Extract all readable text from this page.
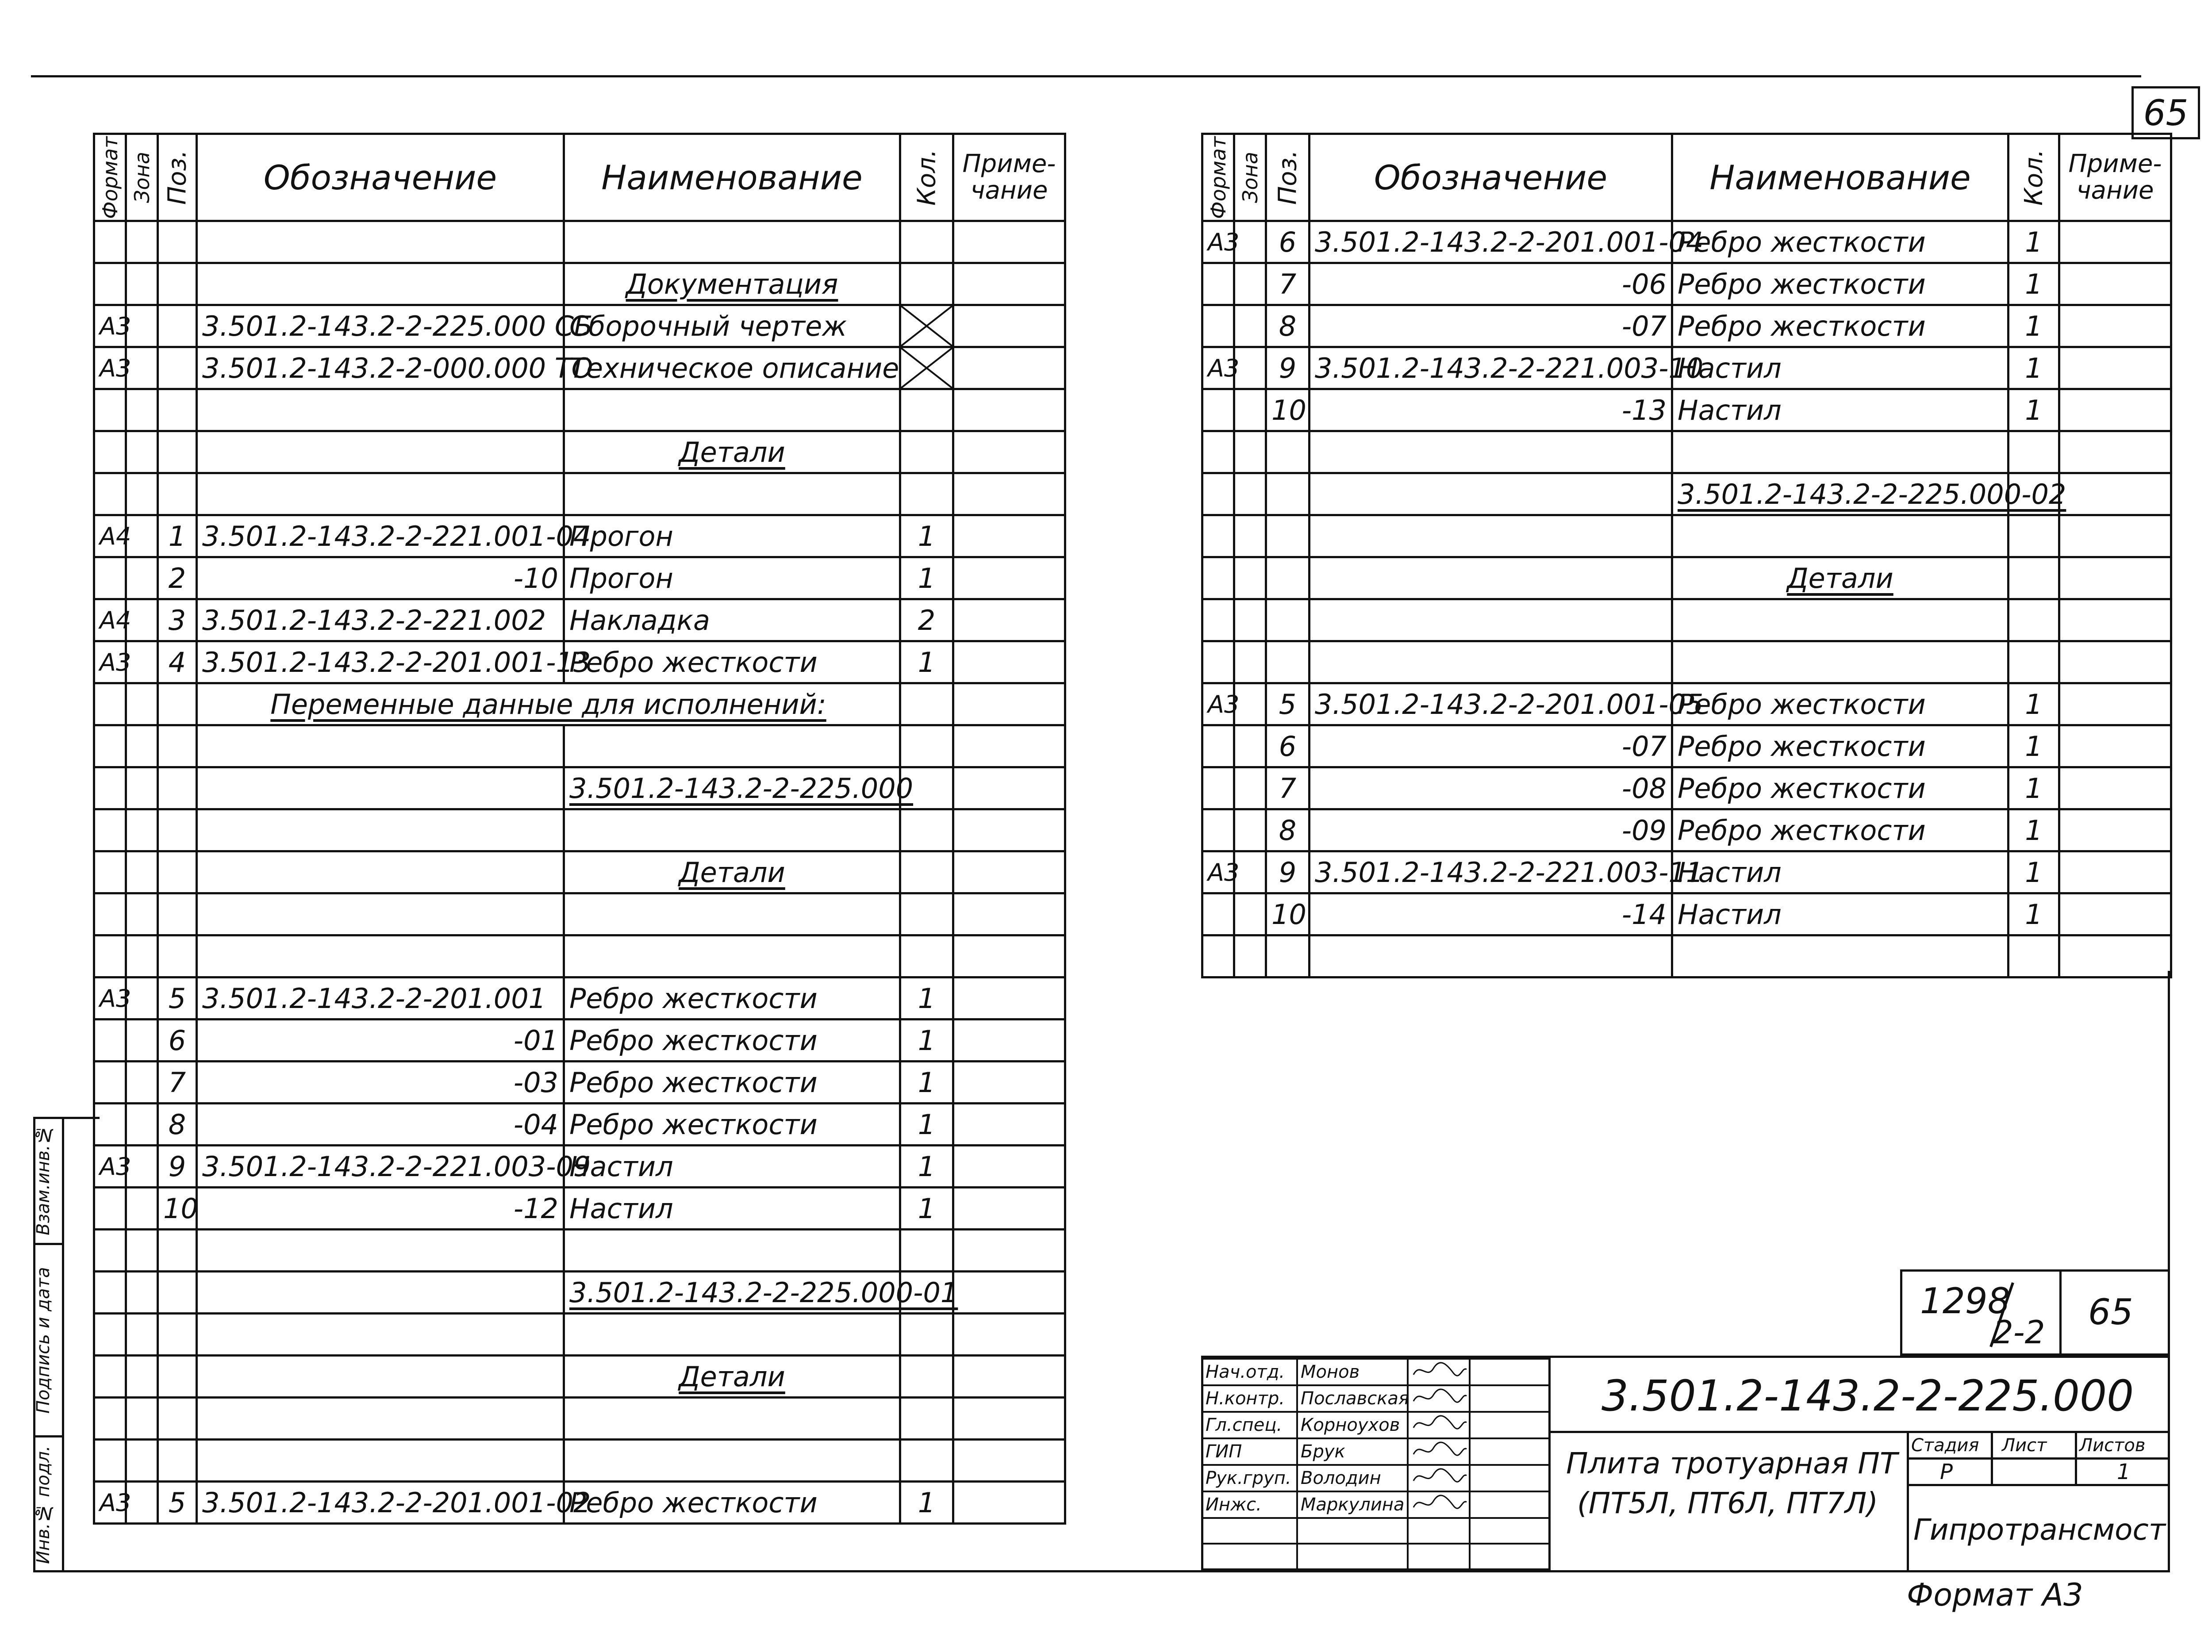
65
Взам.инв.№
Подпись и дата
Инв.№ подл.
Формат	Зона	Поз.	Обозначение	Наименование	Кол.	Приме-
чание

				Документация		
А3			3.501.2-143.2-2-225.000 СБ	Сборочный чертеж	

А3			3.501.2-143.2-2-000.000 ТО	Техническое описание	

				Детали		

А4		1	3.501.2-143.2-2-221.001-04	Прогон	1	
		2	-10	Прогон	1	
А4		3	3.501.2-143.2-2-221.002	Накладка	2	
А3		4	3.501.2-143.2-2-201.001-13	Ребро жесткости	1	
			Переменные данные для исполнений:			

				3.501.2-143.2-2-225.000		

				Детали		

А3		5	3.501.2-143.2-2-201.001	Ребро жесткости	1	
		6	-01	Ребро жесткости	1	
		7	-03	Ребро жесткости	1	
		8	-04	Ребро жесткости	1	
А3		9	3.501.2-143.2-2-221.003-09	Настил	1	
		10	-12	Настил	1	

				3.501.2-143.2-2-225.000-01		

				Детали		

А3		5	3.501.2-143.2-2-201.001-02	Ребро жесткости	1	
Формат	Зона	Поз.	Обозначение	Наименование	Кол.	Приме-
чание
А3		6	3.501.2-143.2-2-201.001-04	Ребро жесткости	1	
		7	-06	Ребро жесткости	1	
		8	-07	Ребро жесткости	1	
А3		9	3.501.2-143.2-2-221.003-10	Настил	1	
		10	-13	Настил	1	

				3.501.2-143.2-2-225.000-02		

				Детали		

А3		5	3.501.2-143.2-2-201.001-05	Ребро жесткости	1	
		6	-07	Ребро жесткости	1	
		7	-08	Ребро жесткости	1	
		8	-09	Ребро жесткости	1	
А3		9	3.501.2-143.2-2-221.003-11	Настил	1	
		10	-14	Настил	1	

1298
2-2 65
3.501.2-143.2-2-225.000
Плита тротуарная ПТ
(ПТ5Л, ПТ6Л, ПТ7Л)
Стадия Лист Листов
Р	1
Гипротрансмост
Нач.отд.	Монов		
Н.контр.	Пославская		
Гл.спец.	Корноухов		
ГИП	Брук		
Рук.груп.	Володин		
Инжс.	Маркулина		

Формат А3
